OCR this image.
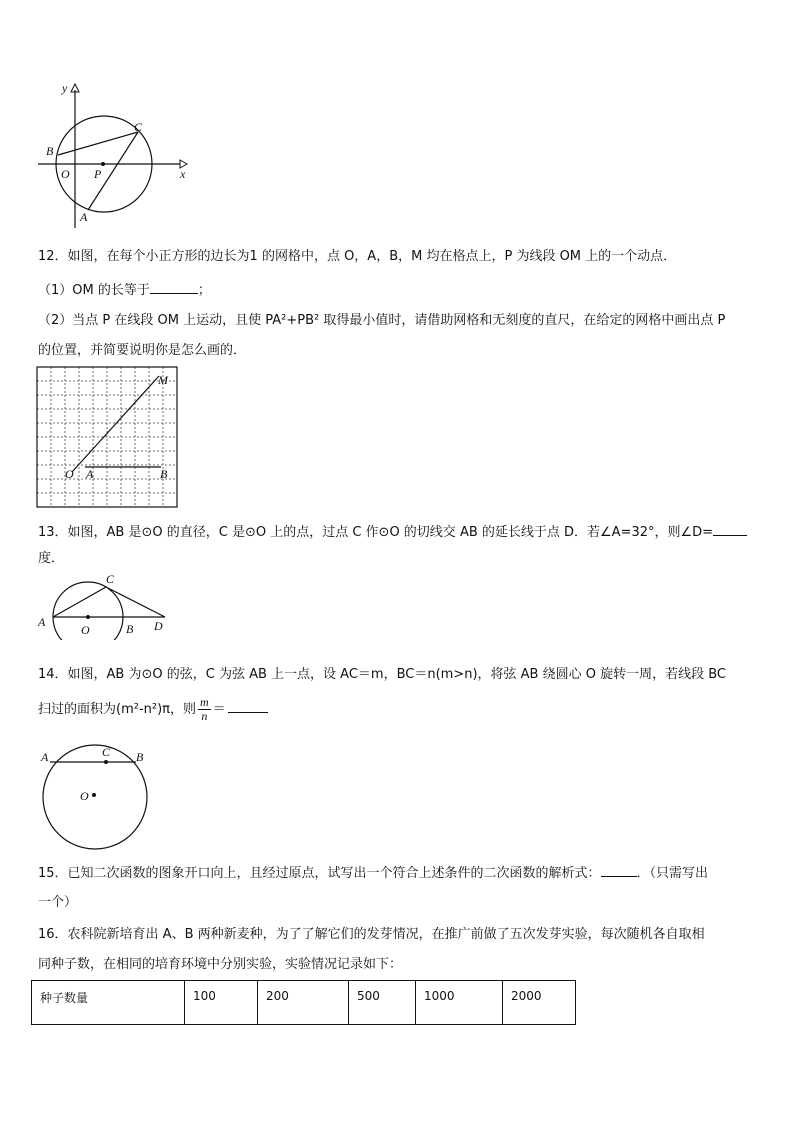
y
x
O P
A
B
C
12．如图，在每个小正方形的边长为1 的网格中，点 O，A，B，M 均在格点上，P 为线段 OM 上的一个动点．
（1）OM 的长等于	；
（2）当点 P 在线段 OM 上运动，且使 PA²+PB² 取得最小值时，请借助网格和无刻度的直尺，在给定的网格中画出点 P
的位置，并简要说明你是怎么画的．
M
O A	B
13．如图，AB 是⊙O 的直径，C 是⊙O 上的点，过点 C 作⊙O 的切线交 AB 的延长线于点 D．若∠A=32°，则∠D=
度．
A
O	B
C
D
14．如图，AB 为⊙O 的弦，C 为弦 AB 上一点，设 AC＝m，BC＝n(m>n)，将弦 AB 绕圆心 O 旋转一周，若线段 BC
扫过的面积为(m²-n²)π，则 $\frac{m}{n}$ ＝
A	B
C
O
15．已知二次函数的图象开口向上，且经过原点，试写出一个符合上述条件的二次函数的解析式：	．（只需写出
一个）
16．农科院新培育出 A、B 两种新麦种，为了了解它们的发芽情况，在推广前做了五次发芽实验，每次随机各自取相
同种子数，在相同的培育环境中分别实验，实验情况记录如下：
种子数量	100	200	500	1000	2000
